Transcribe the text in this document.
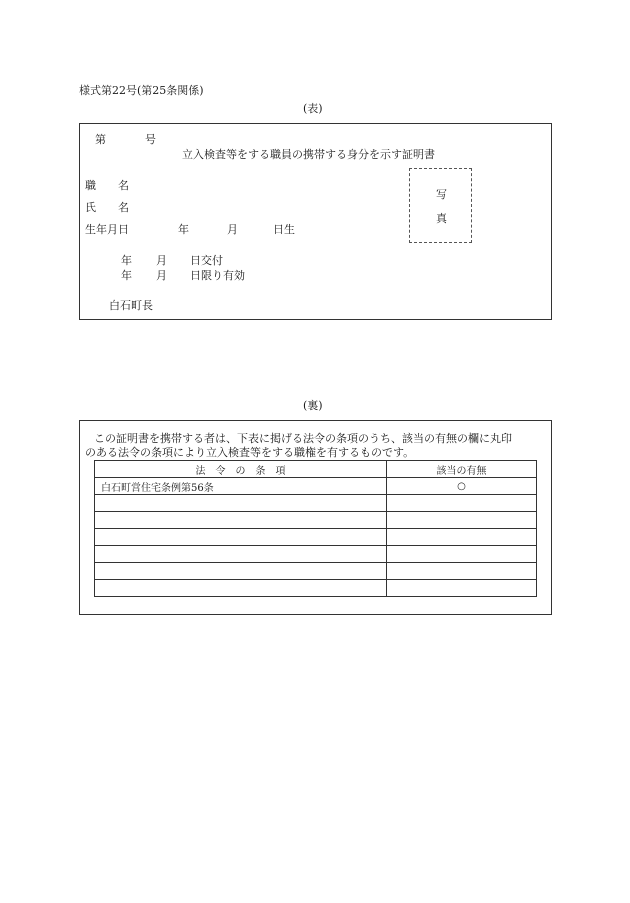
様式第22号(第25条関係)
(表)
第	号
立入検査等をする職員の携帯する身分を示す証明書
職　　名
氏　　名
生年月日	年	月	日生
写
真
年 月 日交付
年 月 日限り有効
白石町長
(裏)
この証明書を携帯する者は、下表に掲げる法令の条項のうち、該当の有無の欄に丸印
のある法令の条項により立入検査等をする職権を有するものです。
法　令　の　条　項	該当の有無
白石町営住宅条例第56条	○
